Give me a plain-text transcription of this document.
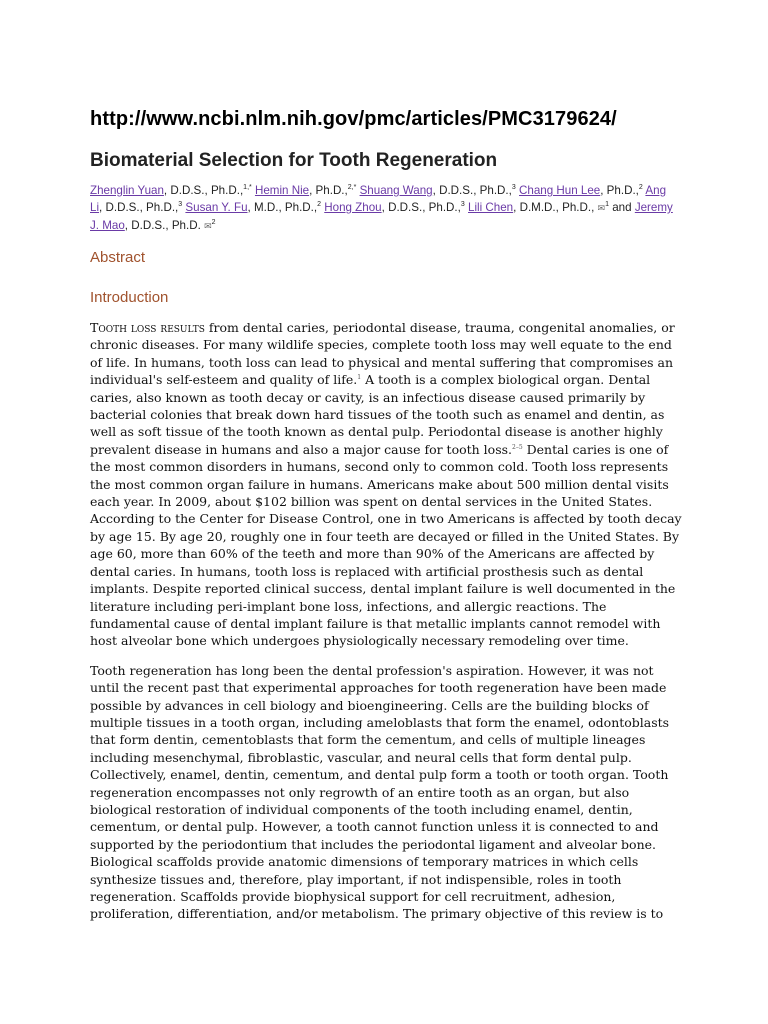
http://www.ncbi.nlm.nih.gov/pmc/articles/PMC3179624/
Biomaterial Selection for Tooth Regeneration
Zhenglin Yuan, D.D.S., Ph.D.,$^{1,*}$ Hemin Nie, Ph.D.,$^{2,*}$ Shuang Wang, D.D.S., Ph.D.,$^3$ Chang Hun Lee, Ph.D.,$^2$ Ang Li, D.D.S., Ph.D.,$^3$ Susan Y. Fu, M.D., Ph.D.,$^2$ Hong Zhou, D.D.S., Ph.D.,$^3$ Lili Chen, D.M.D., Ph.D., ✉$^1$ and Jeremy J. Mao, D.D.S., Ph.D. ✉$^2$
Abstract
Introduction

Tooth loss results from dental caries, periodontal disease, trauma, congenital anomalies, or chronic diseases. For many wildlife species, complete tooth loss may well equate to the end of life. In humans, tooth loss can lead to physical and mental suffering that compromises an individual's self-esteem and quality of life.$^1$ A tooth is a complex biological organ. Dental caries, also known as tooth decay or cavity, is an infectious disease caused primarily by bacterial colonies that break down hard tissues of the tooth such as enamel and dentin, as well as soft tissue of the tooth known as dental pulp. Periodontal disease is another highly prevalent disease in humans and also a major cause for tooth loss.$^{2-5}$ Dental caries is one of the most common disorders in humans, second only to common cold. Tooth loss represents the most common organ failure in humans. Americans make about 500 million dental visits each year. In 2009, about $102 billion was spent on dental services in the United States. According to the Center for Disease Control, one in two Americans is affected by tooth decay by age 15. By age 20, roughly one in four teeth are decayed or filled in the United States. By age 60, more than 60% of the teeth and more than 90% of the Americans are affected by dental caries. In humans, tooth loss is replaced with artificial prosthesis such as dental implants. Despite reported clinical success, dental implant failure is well documented in the literature including peri-implant bone loss, infections, and allergic reactions. The fundamental cause of dental implant failure is that metallic implants cannot remodel with host alveolar bone which undergoes physiologically necessary remodeling over time.

Tooth regeneration has long been the dental profession's aspiration. However, it was not until the recent past that experimental approaches for tooth regeneration have been made possible by advances in cell biology and bioengineering. Cells are the building blocks of multiple tissues in a tooth organ, including ameloblasts that form the enamel, odontoblasts that form dentin, cementoblasts that form the cementum, and cells of multiple lineages including mesenchymal, fibroblastic, vascular, and neural cells that form dental pulp. Collectively, enamel, dentin, cementum, and dental pulp form a tooth or tooth organ. Tooth regeneration encompasses not only regrowth of an entire tooth as an organ, but also biological restoration of individual components of the tooth including enamel, dentin, cementum, or dental pulp. However, a tooth cannot function unless it is connected to and supported by the periodontium that includes the periodontal ligament and alveolar bone. Biological scaffolds provide anatomic dimensions of temporary matrices in which cells synthesize tissues and, therefore, play important, if not indispensible, roles in tooth regeneration. Scaffolds provide biophysical support for cell recruitment, adhesion, proliferation, differentiation, and/or metabolism. The primary objective of this review is to
